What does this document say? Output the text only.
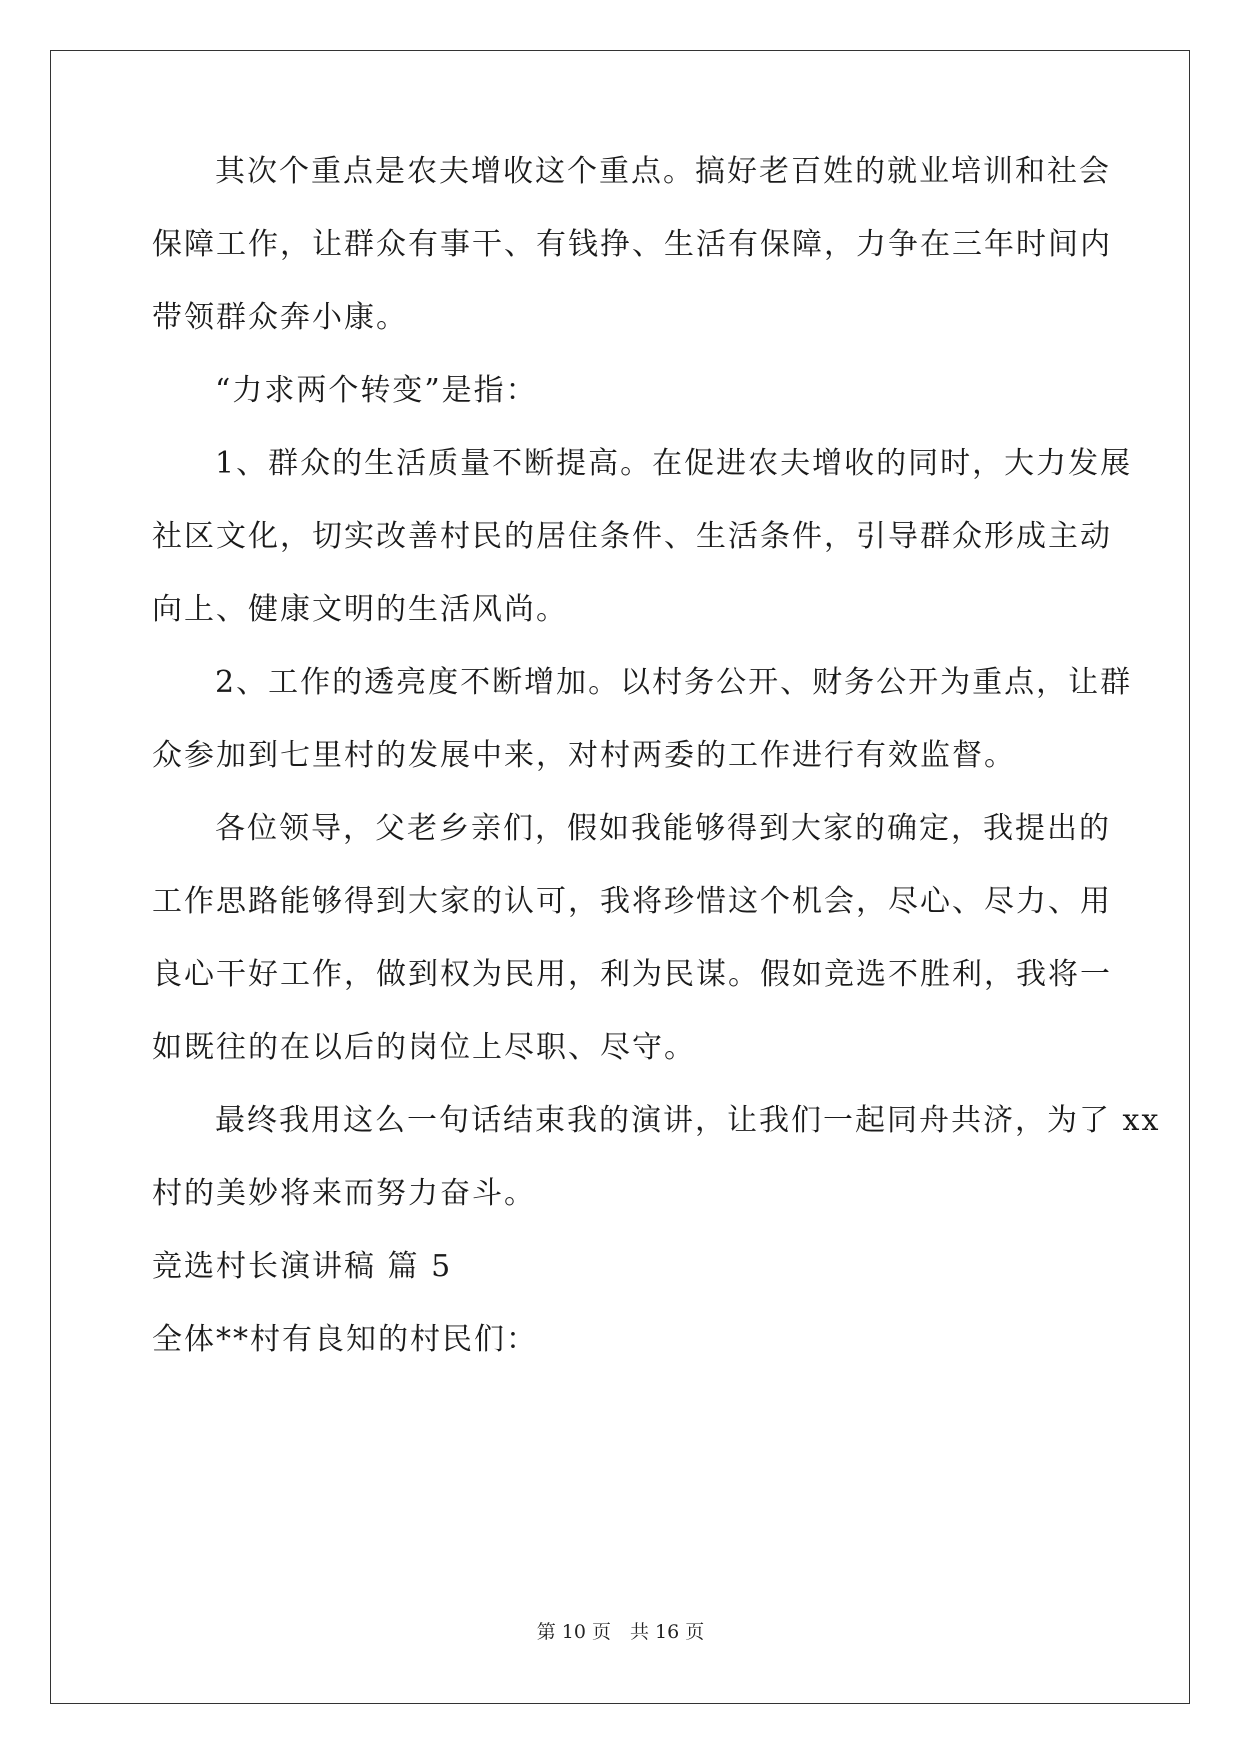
其次个重点是农夫增收这个重点。搞好老百姓的就业培训和社会
保障工作，让群众有事干、有钱挣、生活有保障，力争在三年时间内
带领群众奔小康。
“力求两个转变”是指：
1、群众的生活质量不断提高。在促进农夫增收的同时，大力发展
社区文化，切实改善村民的居住条件、生活条件，引导群众形成主动
向上、健康文明的生活风尚。
2、工作的透亮度不断增加。以村务公开、财务公开为重点，让群
众参加到七里村的发展中来，对村两委的工作进行有效监督。
各位领导，父老乡亲们，假如我能够得到大家的确定，我提出的
工作思路能够得到大家的认可，我将珍惜这个机会，尽心、尽力、用
良心干好工作，做到权为民用，利为民谋。假如竞选不胜利，我将一
如既往的在以后的岗位上尽职、尽守。
最终我用这么一句话结束我的演讲，让我们一起同舟共济，为了 xx
村的美妙将来而努力奋斗。
竞选村长演讲稿 篇 5
全体**村有良知的村民们：
第 10 页　共 16 页
